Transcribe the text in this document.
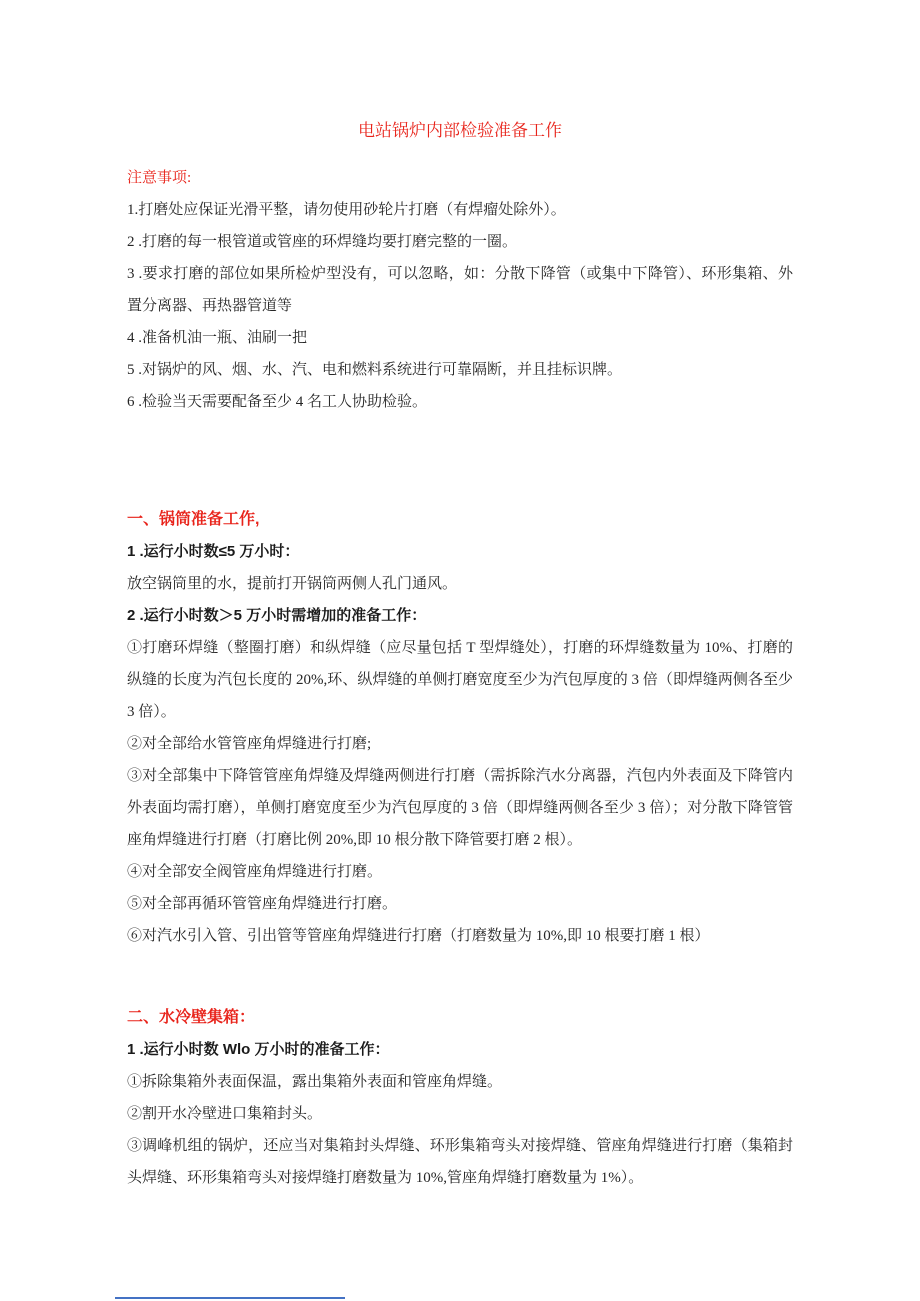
电站锅炉内部检验准备工作

注意事项:

1.打磨处应保证光滑平整，请勿使用砂轮片打磨（有焊瘤处除外）。

2 .打磨的每一根管道或管座的环焊缝均要打磨完整的一圈。

3 .要求打磨的部位如果所检炉型没有，可以忽略，如：分散下降管（或集中下降管）、环形集箱、外置分离器、再热器管道等

4 .准备机油一瓶、油刷一把

5 .对锅炉的风、烟、水、汽、电和燃料系统进行可靠隔断，并且挂标识牌。

6 .检验当天需要配备至少 4 名工人协助检验。

一、锅筒准备工作,

1 .运行小时数≤5 万小时：

放空锅筒里的水，提前打开锅筒两侧人孔门通风。

2 .运行小时数＞5 万小时需增加的准备工作：

①打磨环焊缝（整圈打磨）和纵焊缝（应尽量包括 T 型焊缝处），打磨的环焊缝数量为 10%、打磨的纵缝的长度为汽包长度的 20%,环、纵焊缝的单侧打磨宽度至少为汽包厚度的 3 倍（即焊缝两侧各至少 3 倍）。

②对全部给水管管座角焊缝进行打磨;

③对全部集中下降管管座角焊缝及焊缝两侧进行打磨（需拆除汽水分离器，汽包内外表面及下降管内外表面均需打磨），单侧打磨宽度至少为汽包厚度的 3 倍（即焊缝两侧各至少 3 倍）；对分散下降管管座角焊缝进行打磨（打磨比例 20%,即 10 根分散下降管要打磨 2 根）。

④对全部安全阀管座角焊缝进行打磨。

⑤对全部再循环管管座角焊缝进行打磨。

⑥对汽水引入管、引出管等管座角焊缝进行打磨（打磨数量为 10%,即 10 根要打磨 1 根）

二、水冷壁集箱：

1 .运行小时数 Wlo 万小时的准备工作：

①拆除集箱外表面保温，露出集箱外表面和管座角焊缝。

②割开水冷壁进口集箱封头。

③调峰机组的锅炉，还应当对集箱封头焊缝、环形集箱弯头对接焊缝、管座角焊缝进行打磨（集箱封头焊缝、环形集箱弯头对接焊缝打磨数量为 10%,管座角焊缝打磨数量为 1%）。
